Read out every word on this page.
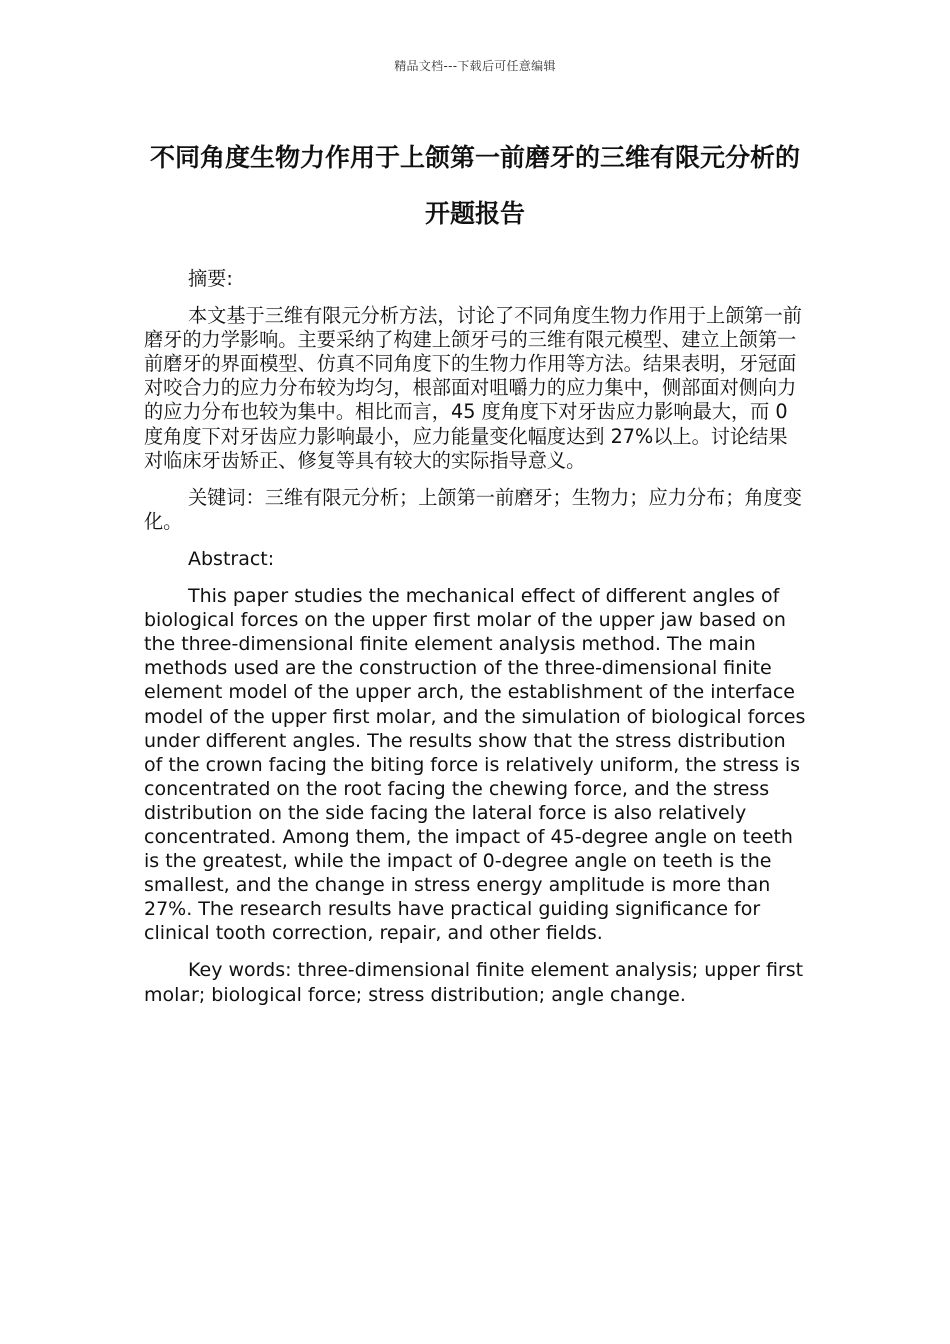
精品文档---下载后可任意编辑
不同角度生物力作用于上颌第一前磨牙的三维有限元分析的开题报告

摘要:

本文基于三维有限元分析方法，讨论了不同角度生物力作用于上颌第一前磨牙的力学影响。主要采纳了构建上颌牙弓的三维有限元模型、建立上颌第一前磨牙的界面模型、仿真不同角度下的生物力作用等方法。结果表明，牙冠面对咬合力的应力分布较为均匀，根部面对咀嚼力的应力集中，侧部面对侧向力的应力分布也较为集中。相比而言，45 度角度下对牙齿应力影响最大，而 0 度角度下对牙齿应力影响最小，应力能量变化幅度达到 27%以上。讨论结果对临床牙齿矫正、修复等具有较大的实际指导意义。

关键词：三维有限元分析；上颌第一前磨牙；生物力；应力分布；角度变化。

Abstract:

This paper studies the mechanical effect of different angles of biological forces on the upper first molar of the upper jaw based on the three-dimensional finite element analysis method. The main methods used are the construction of the three-dimensional finite element model of the upper arch, the establishment of the interface model of the upper first molar, and the simulation of biological forces under different angles. The results show that the stress distribution of the crown facing the biting force is relatively uniform, the stress is concentrated on the root facing the chewing force, and the stress distribution on the side facing the lateral force is also relatively concentrated. Among them, the impact of 45-degree angle on teeth is the greatest, while the impact of 0-degree angle on teeth is the smallest, and the change in stress energy amplitude is more than 27%. The research results have practical guiding significance for clinical tooth correction, repair, and other fields.

Key words: three-dimensional finite element analysis; upper first molar; biological force; stress distribution; angle change.
